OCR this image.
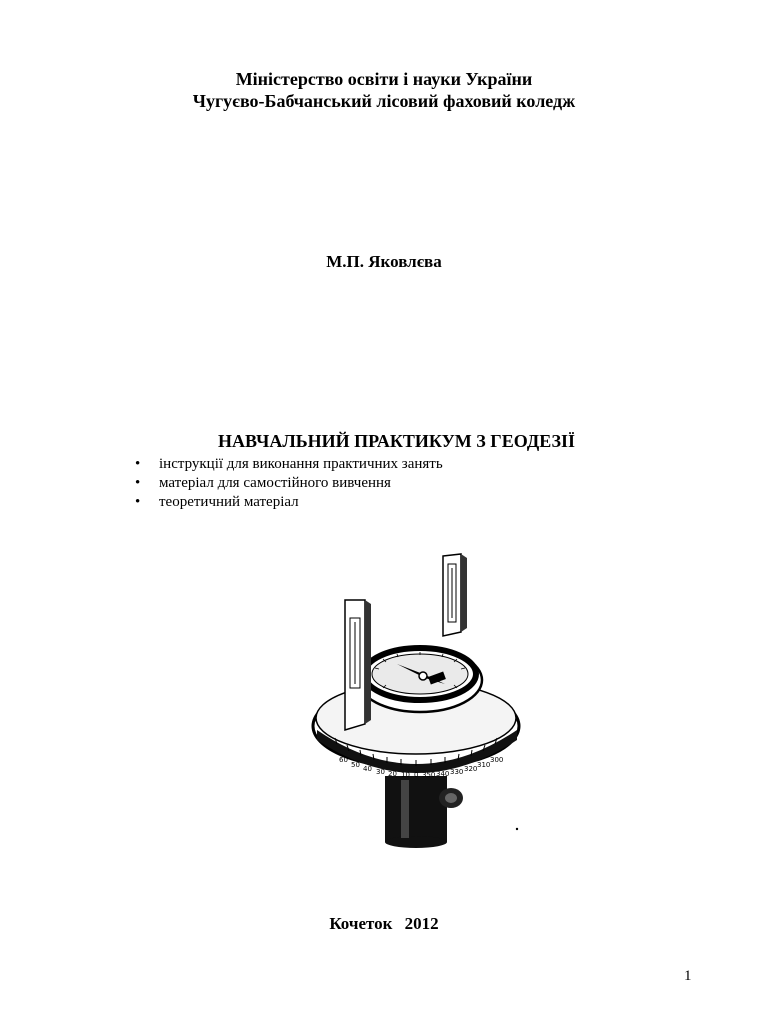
Міністерство освіти і науки України
Чугуєво-Бабчанський лісовий фаховий коледж
М.П. Яковлєва
НАВЧАЛЬНИЙ ПРАКТИКУМ З ГЕОДЕЗІЇ
• інструкції для виконання практичних занять
• матеріал для самостійного вивчення
• теоретичний матеріал
60
50 40 30 20 10 0 350 340 330 320 310
300
Кочеток 2012
1
